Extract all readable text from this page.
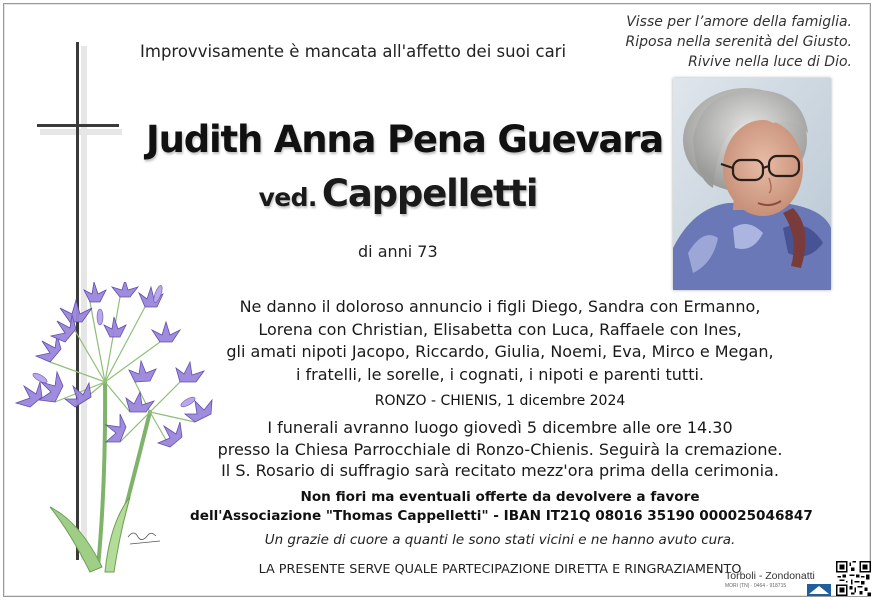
Visse per l’amore della famiglia.
Riposa nella serenità del Giusto.
Rivive nella luce di Dio.
Improvvisamente è mancata all'affetto dei suoi cari
Judith Anna Pena Guevara
ved. Cappelletti
di anni 73
Ne danno il doloroso annuncio i figli Diego, Sandra con Ermanno,
Lorena con Christian, Elisabetta con Luca, Raffaele con Ines,
gli amati nipoti Jacopo, Riccardo, Giulia, Noemi, Eva, Mirco e Megan,
i fratelli, le sorelle, i cognati, i nipoti e parenti tutti.
RONZO - CHIENIS, 1 dicembre 2024
I funerali avranno luogo giovedì 5 dicembre alle ore 14.30
presso la Chiesa Parrocchiale di Ronzo-Chienis. Seguirà la cremazione.
Il S. Rosario di suffragio sarà recitato mezz'ora prima della cerimonia.
Non fiori ma eventuali offerte da devolvere a favore
dell'Associazione "Thomas Cappelletti" - IBAN IT21Q 08016 35190 000025046847
Un grazie di cuore a quanti le sono stati vicini e ne hanno avuto cura.
LA PRESENTE SERVE QUALE PARTECIPAZIONE DIRETTA E RINGRAZIAMENTO
Torboli - Zondonatti
MORI (TN) · 0464 - 918715
